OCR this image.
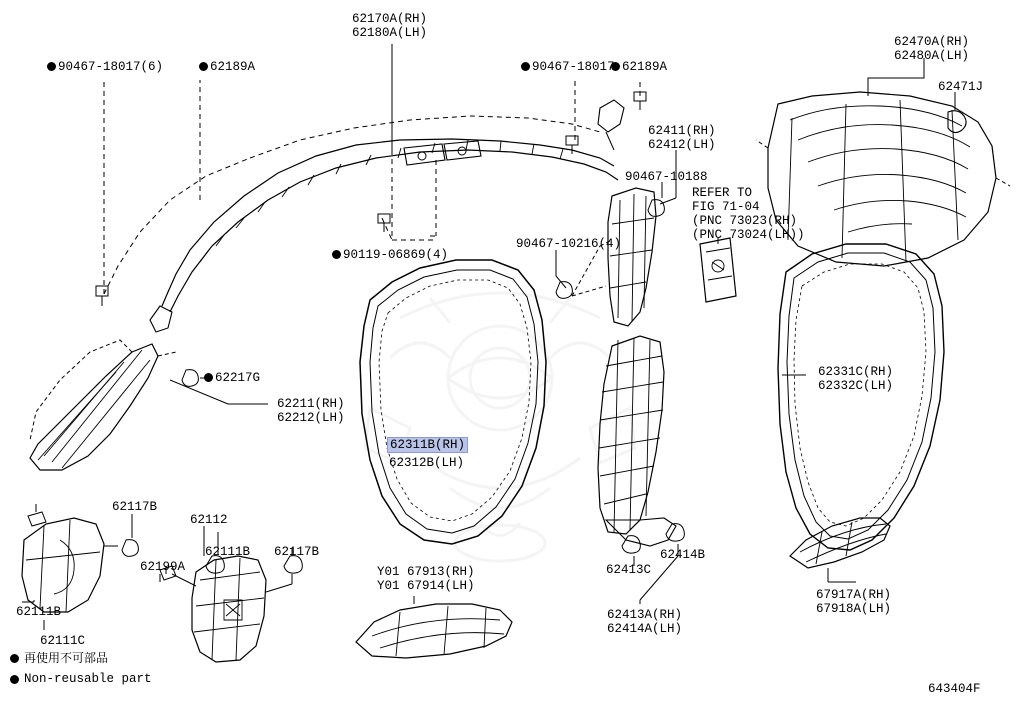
62170A(RH)
62180A(LH)
90467-18017(6)	62189A	90467-18017 62189A
62470A(RH)
62480A(LH)
62471J
62411(RH)
62412(LH)
90467-10188
REFER TO
FIG 71-04
(PNC 73023(RH)
(PNC 73024(LH))
90119-06869(4)
90467-10216(4)
62217G
62211(RH)
62212(LH)
62331C(RH)
62332C(LH)
62117B
62112
62111B 62117B
62199A
62111B
62111C
Y01 67913(RH)
Y01 67914(LH)
62413C
62414B
62413A(RH)
62414A(LH)
67917A(RH)
67918A(LH)
62311B(RH)
62312B(LH)
再使用不可部品
Non-reusable part
643404F
